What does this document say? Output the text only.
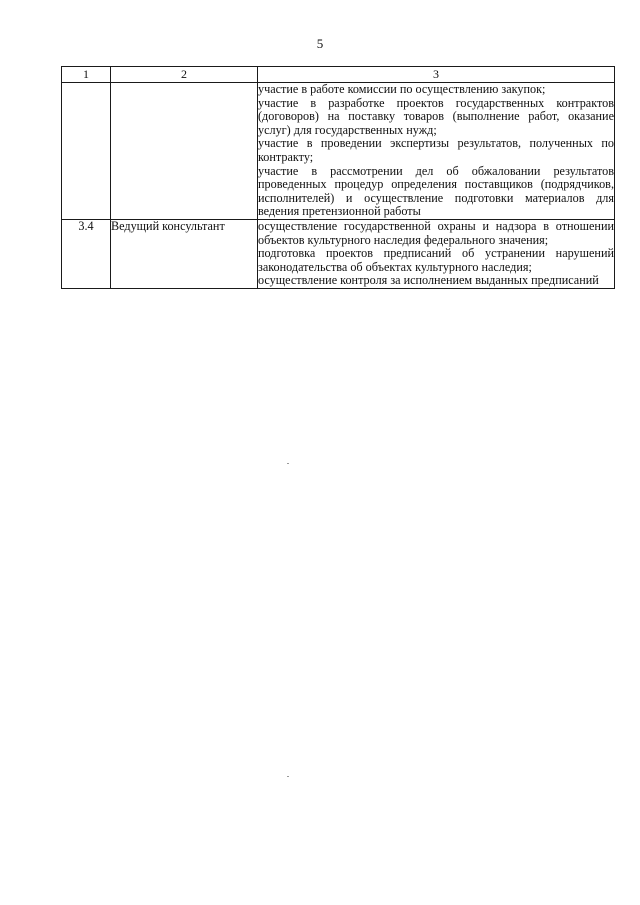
5
1	2	3

		участие в работе комиссии по осуществлению закупок;
участие в разработке проектов государственных контрактов (договоров) на поставку товаров (выполнение работ, оказание услуг) для государственных нужд;
участие в проведении экспертизы результатов, полученных по контракту;
участие в рассмотрении дел об обжаловании результатов проведенных процедур определения поставщиков (подрядчиков, исполнителей) и осуществление подготовки материалов для ведения претензионной работы

3.4	Ведущий консультант	осуществление государственной охраны и надзора в отношении объектов культурного наследия федерального значения;
подготовка проектов предписаний об устранении нарушений законодательства об объектах культурного наследия;
осуществление контроля за исполнением выданных предписаний
